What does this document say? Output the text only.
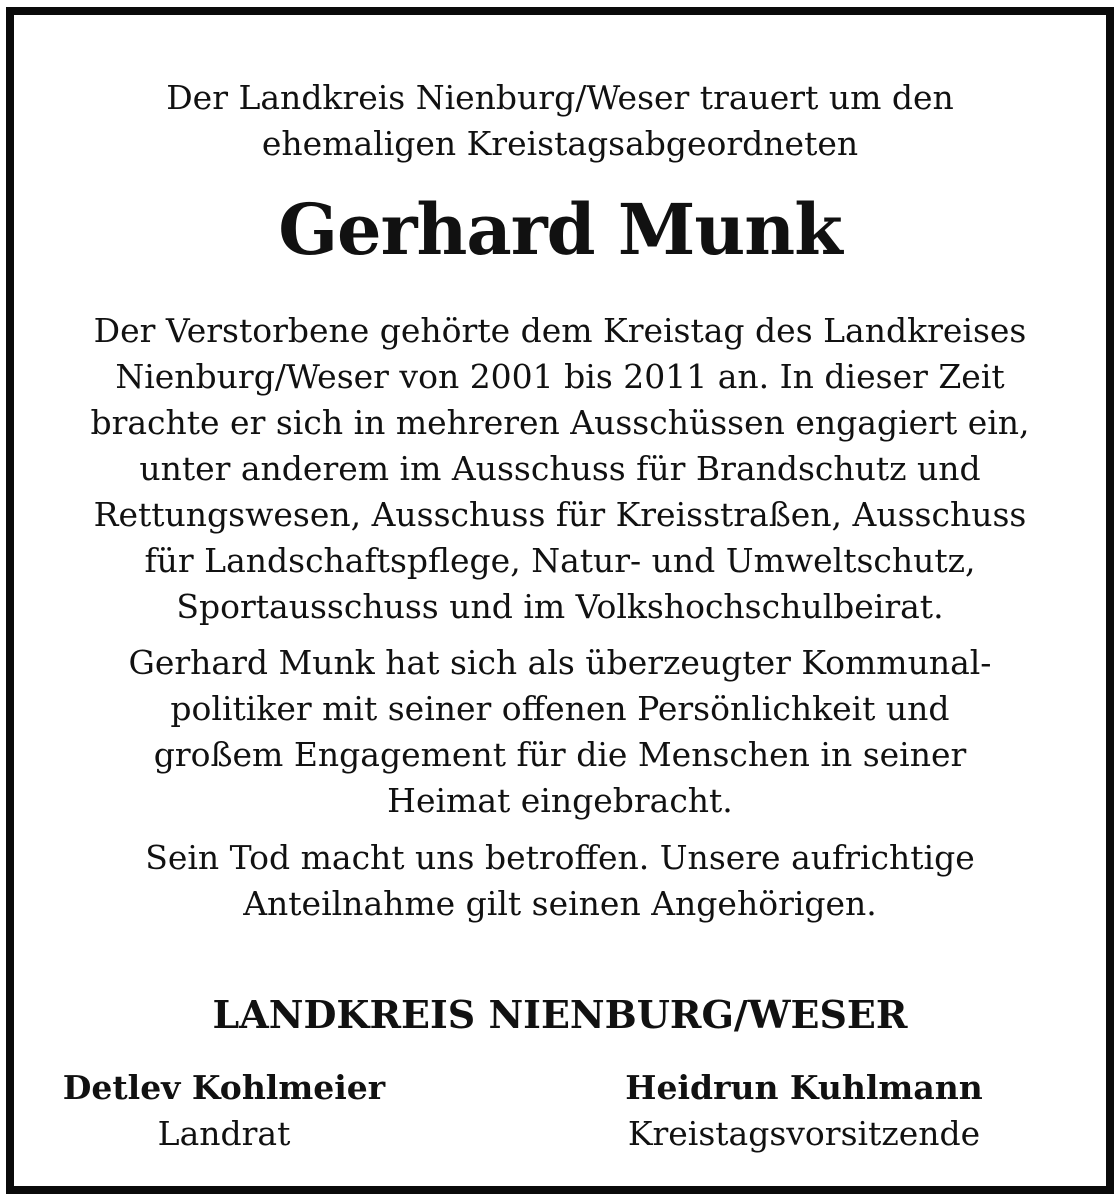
Der Landkreis Nienburg/Weser trauert um den
ehemaligen Kreistagsabgeordneten

Gerhard Munk

Der Verstorbene gehörte dem Kreistag des Landkreises
Nienburg/Weser von 2001 bis 2011 an. In dieser Zeit
brachte er sich in mehreren Ausschüssen engagiert ein,
unter anderem im Ausschuss für Brandschutz und
Rettungswesen, Ausschuss für Kreisstraßen, Ausschuss
für Landschaftspflege, Natur- und Umweltschutz,
Sportausschuss und im Volkshochschulbeirat.

Gerhard Munk hat sich als überzeugter Kommunal-
politiker mit seiner offenen Persönlichkeit und
großem Engagement für die Menschen in seiner
Heimat eingebracht.

Sein Tod macht uns betroffen. Unsere aufrichtige
Anteilnahme gilt seinen Angehörigen.

LANDKREIS NIENBURG/WESER
Detlev Kohlmeier
Landrat
Heidrun Kuhlmann
Kreistagsvorsitzende
